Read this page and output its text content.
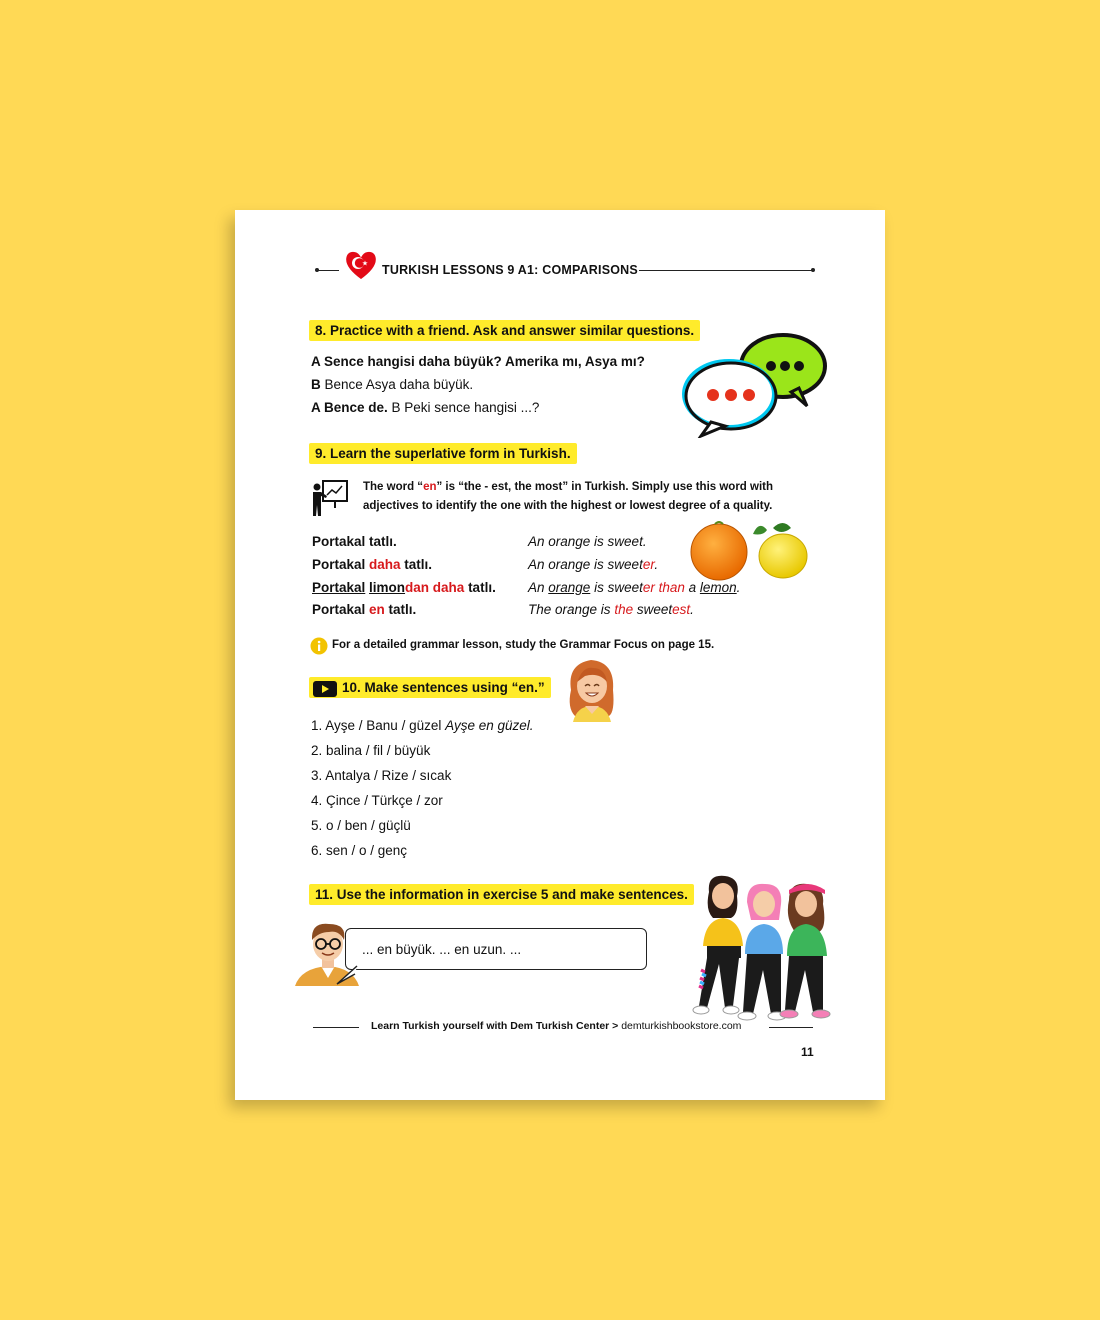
TURKISH LESSONS 9 A1: COMPARISONS
8. Practice with a friend. Ask and answer similar questions.
A Sence hangisi daha büyük? Amerika mı, Asya mı?
B Bence Asya daha büyük.
A Bence de. B Peki sence hangisi ...?
9. Learn the superlative form in Turkish.
The word “en” is “the - est, the most” in Turkish. Simply use this word with
adjectives to identify the one with the highest or lowest degree of a quality.
Portakal tatlı.
Portakal daha tatlı.
Portakal limondan daha tatlı.
Portakal en tatlı.
An orange is sweet.
An orange is sweeter.
An orange is sweeter than a lemon.
The orange is the sweetest.
For a detailed grammar lesson, study the Grammar Focus on page 15.
10. Make sentences using “en.”
1. Ayşe / Banu / güzel Ayşe en güzel.
2. balina / fil / büyük
3. Antalya / Rize / sıcak
4. Çince / Türkçe / zor
5. o / ben / güçlü
6. sen / o / genç
11. Use the information in exercise 5 and make sentences.
... en büyük. ... en uzun. ...
Learn Turkish yourself with Dem Turkish Center > demturkishbookstore.com
11
